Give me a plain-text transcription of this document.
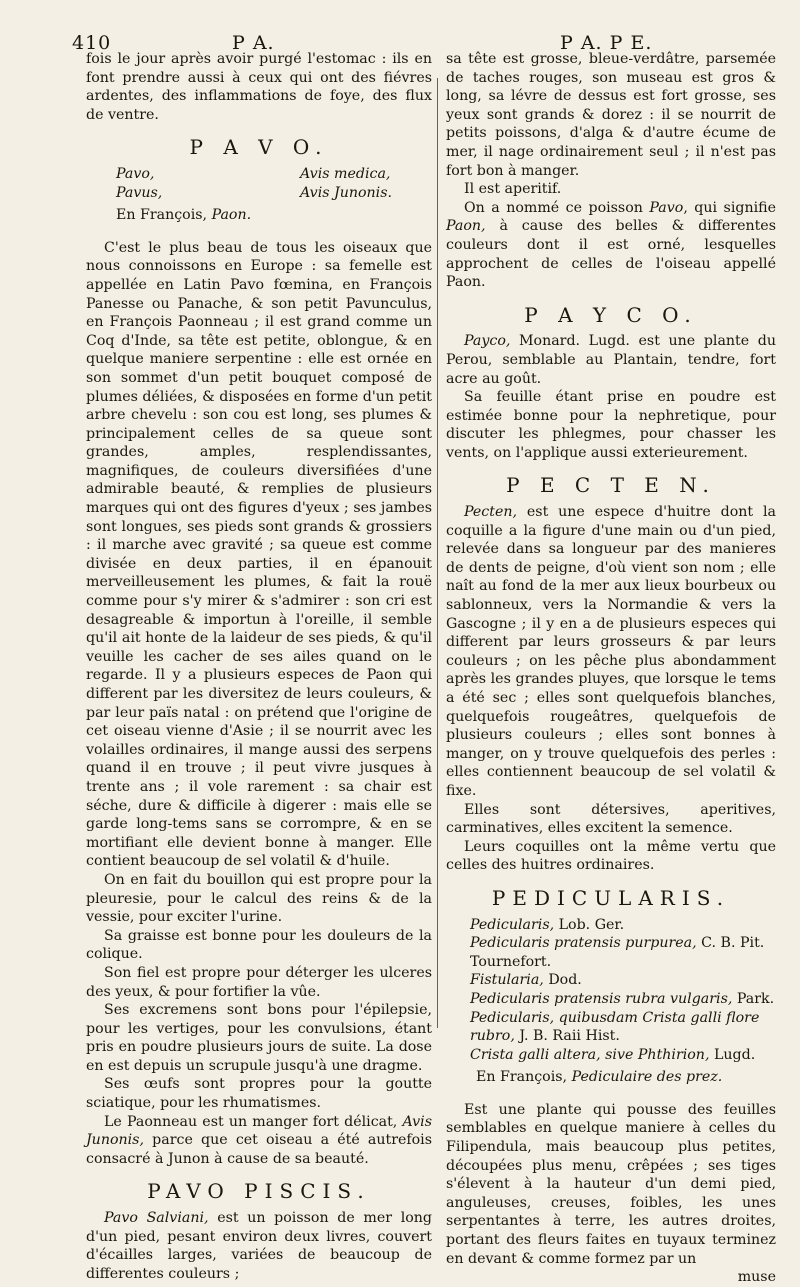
410	P A.	P A. P E.

fois le jour après avoir purgé l'estomac : ils en font prendre aussi à ceux qui ont des fiévres ardentes, des inflammations de foye, des flux de ventre.

P A V O.
Pavo,
Pavus,
Avis medica,
Avis Junonis.
En François, Paon.

C'est le plus beau de tous les oiseaux que nous connoissons en Europe : sa femelle est appellée en Latin Pavo fœmina, en François Panesse ou Panache, & son petit Pavunculus, en François Paonneau ; il est grand comme un Coq d'Inde, sa tête est petite, oblongue, & en quelque maniere serpentine : elle est ornée en son sommet d'un petit bouquet composé de plumes déliées, & disposées en forme d'un petit arbre chevelu : son cou est long, ses plumes & principalement celles de sa queue sont grandes, amples, resplendissantes, magnifiques, de couleurs diversifiées d'une admirable beauté, & remplies de plusieurs marques qui ont des figures d'yeux ; ses jambes sont longues, ses pieds sont grands & grossiers : il marche avec gravité ; sa queue est comme divisée en deux parties, il en épanouit merveilleusement les plumes, & fait la rouë comme pour s'y mirer & s'admirer : son cri est desagreable & importun à l'oreille, il semble qu'il ait honte de la laideur de ses pieds, & qu'il veuille les cacher de ses ailes quand on le regarde. Il y a plusieurs especes de Paon qui different par les diversitez de leurs couleurs, & par leur païs natal : on prétend que l'origine de cet oiseau vienne d'Asie ; il se nourrit avec les volailles ordinaires, il mange aussi des serpens quand il en trouve ; il peut vivre jusques à trente ans ; il vole rarement : sa chair est séche, dure & difficile à digerer : mais elle se garde long-tems sans se corrompre, & en se mortifiant elle devient bonne à manger. Elle contient beaucoup de sel volatil & d'huile.

On en fait du bouillon qui est propre pour la pleuresie, pour le calcul des reins & de la vessie, pour exciter l'urine.

Sa graisse est bonne pour les douleurs de la colique.

Son fiel est propre pour déterger les ulceres des yeux, & pour fortifier la vûe.

Ses excremens sont bons pour l'épilepsie, pour les vertiges, pour les convulsions, étant pris en poudre plusieurs jours de suite. La dose en est depuis un scrupule jusqu'à une dragme.

Ses œufs sont propres pour la goutte sciatique, pour les rhumatismes.

Le Paonneau est un manger fort délicat, Avis Junonis, parce que cet oiseau a été autrefois consacré à Junon à cause de sa beauté.

PAVO PISCIS.

Pavo Salviani, est un poisson de mer long d'un pied, pesant environ deux livres, couvert d'écailles larges, variées de beaucoup de differentes couleurs ;

sa tête est grosse, bleue-verdâtre, parsemée de taches rouges, son museau est gros & long, sa lévre de dessus est fort grosse, ses yeux sont grands & dorez : il se nourrit de petits poissons, d'alga & d'autre écume de mer, il nage ordinairement seul ; il n'est pas fort bon à manger.

Il est aperitif.

On a nommé ce poisson Pavo, qui signifie Paon, à cause des belles & differentes couleurs dont il est orné, lesquelles approchent de celles de l'oiseau appellé Paon.

P A Y C O.

Payco, Monard. Lugd. est une plante du Perou, semblable au Plantain, tendre, fort acre au goût.

Sa feuille étant prise en poudre est estimée bonne pour la nephretique, pour discuter les phlegmes, pour chasser les vents, on l'applique aussi exterieurement.

P E C T E N.

Pecten, est une espece d'huitre dont la coquille a la figure d'une main ou d'un pied, relevée dans sa longueur par des manieres de dents de peigne, d'où vient son nom ; elle naît au fond de la mer aux lieux bourbeux ou sablonneux, vers la Normandie & vers la Gascogne ; il y en a de plusieurs especes qui different par leurs grosseurs & par leurs couleurs ; on les pêche plus abondamment après les grandes pluyes, que lorsque le tems a été sec ; elles sont quelquefois blanches, quelquefois rougeâtres, quelquefois de plusieurs couleurs ; elles sont bonnes à manger, on y trouve quelquefois des perles : elles contiennent beaucoup de sel volatil & fixe.

Elles sont détersives, aperitives, carminatives, elles excitent la semence.

Leurs coquilles ont la même vertu que celles des huitres ordinaires.

PEDICULARIS.

Pedicularis, Lob. Ger.

Pedicularis pratensis purpurea, C. B. Pit. Tournefort.

Fistularia, Dod.

Pedicularis pratensis rubra vulgaris, Park.

Pedicularis, quibusdam Crista galli flore rubro, J. B. Raii Hist.

Crista galli altera, sive Phthirion, Lugd.

En François, Pediculaire des prez.

Est une plante qui pousse des feuilles semblables en quelque maniere à celles du Filipendula, mais beaucoup plus petites, découpées plus menu, crêpées ; ses tiges s'élevent à la hauteur d'un demi pied, anguleuses, creuses, foibles, les unes serpentantes à terre, les autres droites, portant des fleurs faites en tuyaux terminez en devant & comme formez par un

muse
